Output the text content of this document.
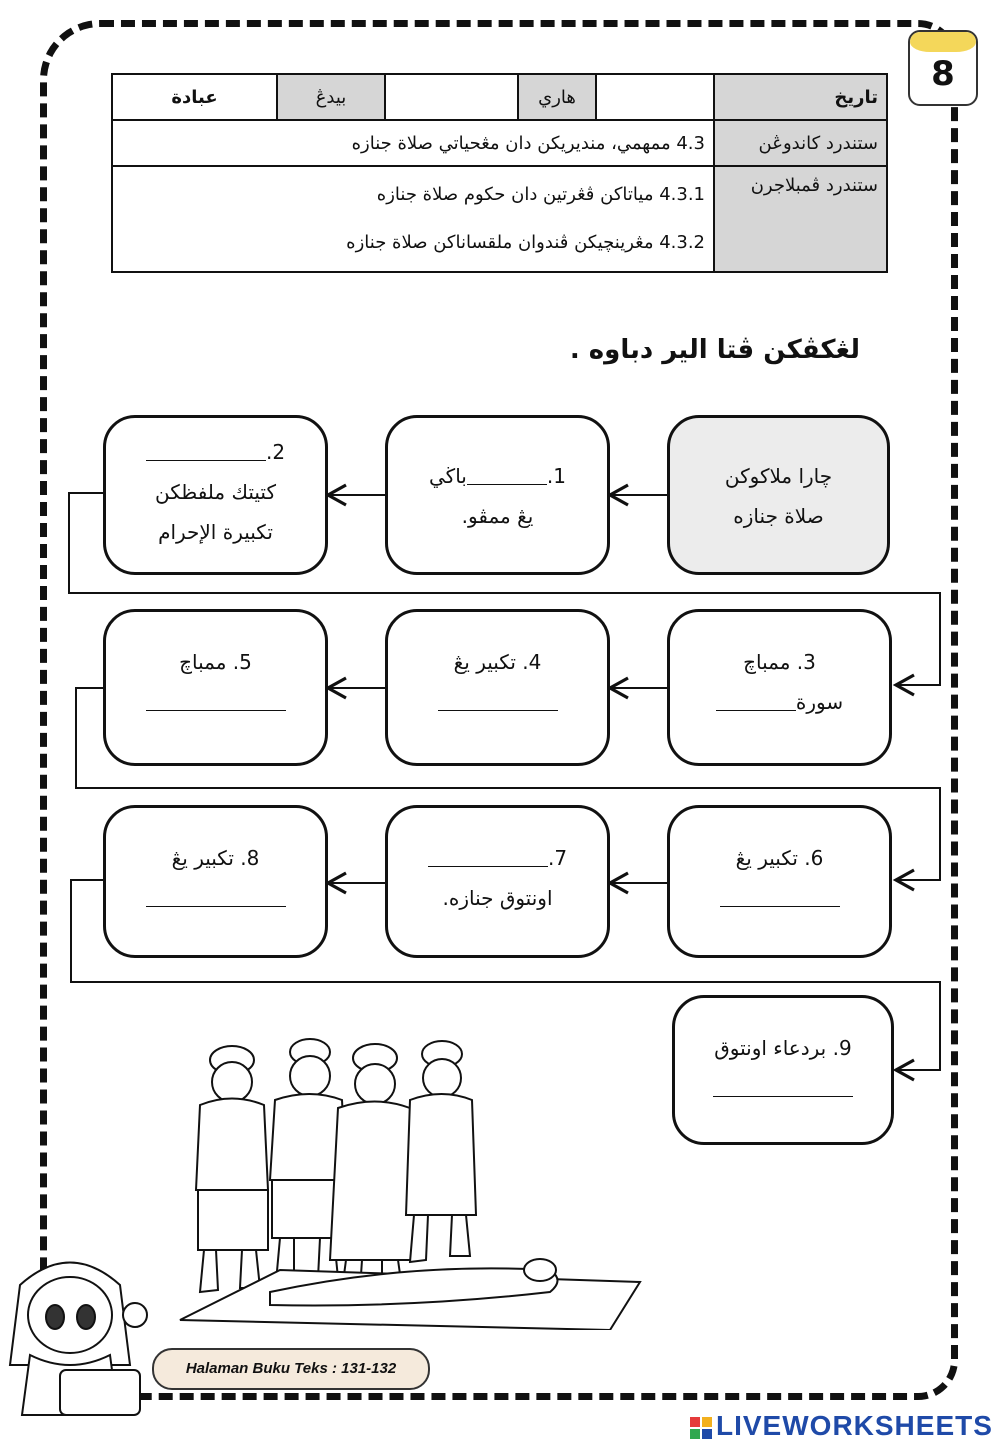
8
تاريخ		هاري		بيدڠ	عبادة
ستندرد كاندوڠن	4.3 ممهمي، منديريكن دان مڠحياتي صلاة جنازه				
ستندرد ڤمبلاجرن	4.3.1 مياتاكن ڤڠرتين دان حكوم صلاة جنازه
4.3.2 مڠرينچيكن ڤندوان ملقساناكن صلاة جنازه				
لڠكڤكن ڤتا الير دباوه .
چارا ملاكوكن
صلاة جنازه
1.باڬي
يڠ ممڤو.
2.
كتيتك ملفظكن
تكبيرة الإحرام
3. ممباچ
سورة
4. تكبير يڠ
5. ممباچ
6. تكبير يڠ
7.
اونتوق جنازه.
8. تكبير يڠ
9. بردعاء اونتوق
Halaman Buku Teks : 131-132
LIVEWORKSHEETS
